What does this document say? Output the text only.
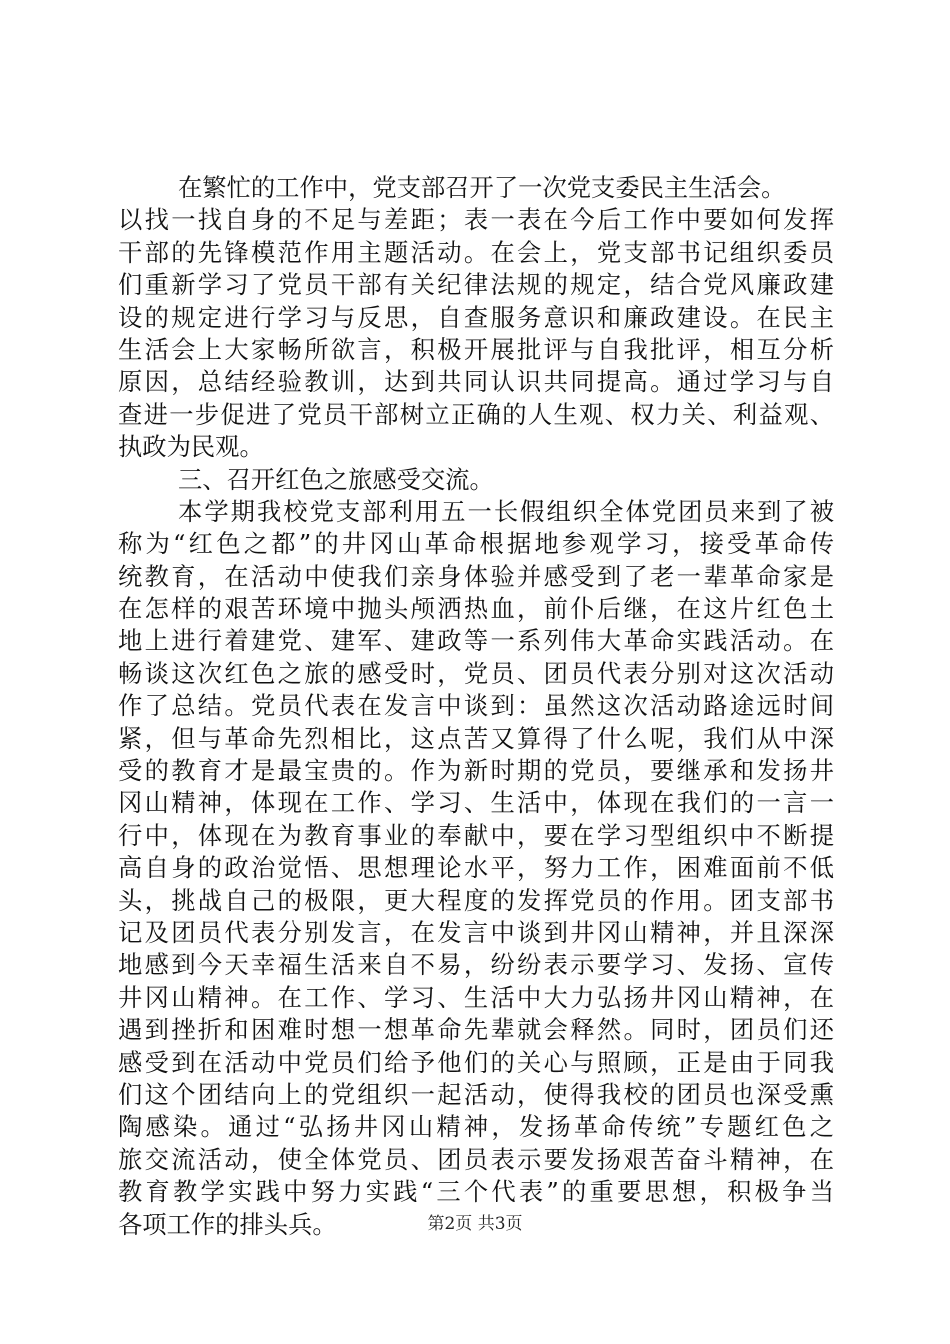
在繁忙的工作中，党支部召开了一次党支委民主生活会。
以找一找自身的不足与差距；表一表在今后工作中要如何发挥
干部的先锋模范作用主题活动。在会上，党支部书记组织委员
们重新学习了党员干部有关纪律法规的规定，结合党风廉政建
设的规定进行学习与反思，自查服务意识和廉政建设。在民主
生活会上大家畅所欲言，积极开展批评与自我批评，相互分析
原因，总结经验教训，达到共同认识共同提高。通过学习与自
查进一步促进了党员干部树立正确的人生观、权力关、利益观、
执政为民观。
三、召开红色之旅感受交流。
本学期我校党支部利用五一长假组织全体党团员来到了被
称为“红色之都”的井冈山革命根据地参观学习，接受革命传
统教育，在活动中使我们亲身体验并感受到了老一辈革命家是
在怎样的艰苦环境中抛头颅洒热血，前仆后继，在这片红色土
地上进行着建党、建军、建政等一系列伟大革命实践活动。在
畅谈这次红色之旅的感受时，党员、团员代表分别对这次活动
作了总结。党员代表在发言中谈到：虽然这次活动路途远时间
紧，但与革命先烈相比，这点苦又算得了什么呢，我们从中深
受的教育才是最宝贵的。作为新时期的党员，要继承和发扬井
冈山精神，体现在工作、学习、生活中，体现在我们的一言一
行中，体现在为教育事业的奉献中，要在学习型组织中不断提
高自身的政治觉悟、思想理论水平，努力工作，困难面前不低
头，挑战自己的极限，更大程度的发挥党员的作用。团支部书
记及团员代表分别发言，在发言中谈到井冈山精神，并且深深
地感到今天幸福生活来自不易，纷纷表示要学习、发扬、宣传
井冈山精神。在工作、学习、生活中大力弘扬井冈山精神，在
遇到挫折和困难时想一想革命先辈就会释然。同时，团员们还
感受到在活动中党员们给予他们的关心与照顾，正是由于同我
们这个团结向上的党组织一起活动，使得我校的团员也深受熏
陶感染。通过“弘扬井冈山精神，发扬革命传统”专题红色之
旅交流活动，使全体党员、团员表示要发扬艰苦奋斗精神，在
教育教学实践中努力实践“三个代表”的重要思想，积极争当
各项工作的排头兵。	第2页 共3页
